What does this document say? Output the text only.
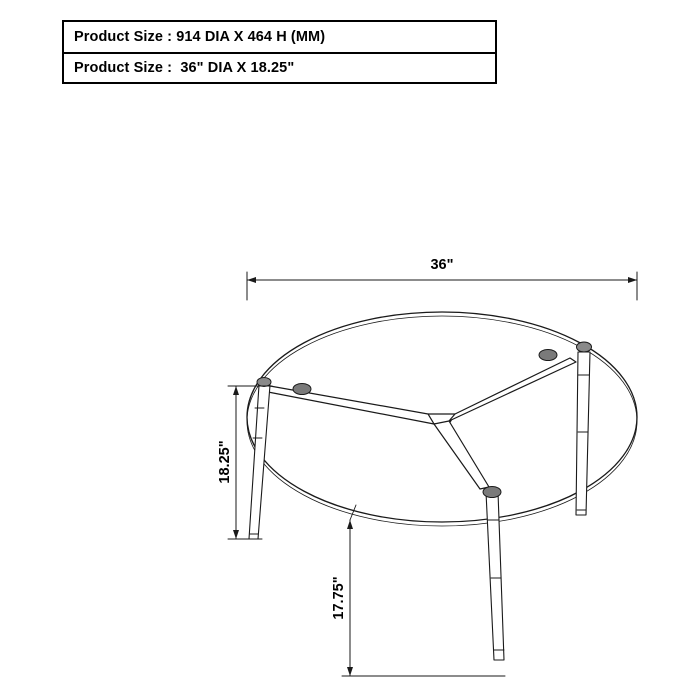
Product Size : 914 DIA X 464 H (MM)
Product Size :  36" DIA X 18.25"
36"
18.25"
17.75"
